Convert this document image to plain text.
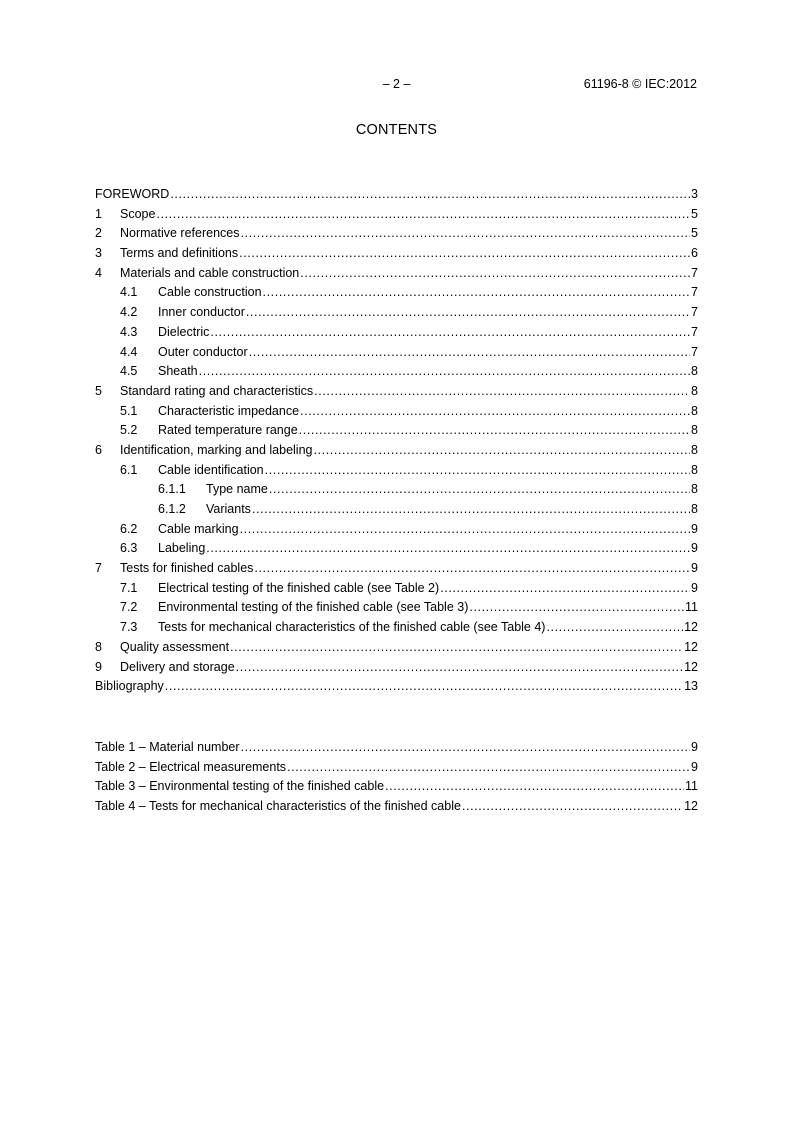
– 2 –	61196-8 © IEC:2012
CONTENTS
FOREWORD .....	3
1 Scope .....	5
2 Normative references .....	5
3 Terms and definitions .....	6
4 Materials and cable construction .....	7
4.1 Cable construction .....	7
4.2 Inner conductor .....	7
4.3 Dielectric .....	7
4.4 Outer conductor .....	7
4.5 Sheath .....	8
5 Standard rating and characteristics .....	8
5.1 Characteristic impedance .....	8
5.2 Rated temperature range .....	8
6 Identification, marking and labeling .....	8
6.1 Cable identification .....	8
6.1.1 Type name .....	8
6.1.2 Variants .....	8
6.2 Cable marking .....	9
6.3 Labeling .....	9
7 Tests for finished cables .....	9
7.1 Electrical testing of the finished cable (see Table 2) .....	9
7.2 Environmental testing of the finished cable (see Table 3) .....	11
7.3 Tests for mechanical characteristics of the finished cable (see Table 4) .....	12
8 Quality assessment .....	12
9 Delivery and storage .....	12
Bibliography .....	13
Table 1 – Material number .....	9
Table 2 – Electrical measurements .....	9
Table 3 – Environmental testing of the finished cable .....	11
Table 4 – Tests for mechanical characteristics of the finished cable .....	12
